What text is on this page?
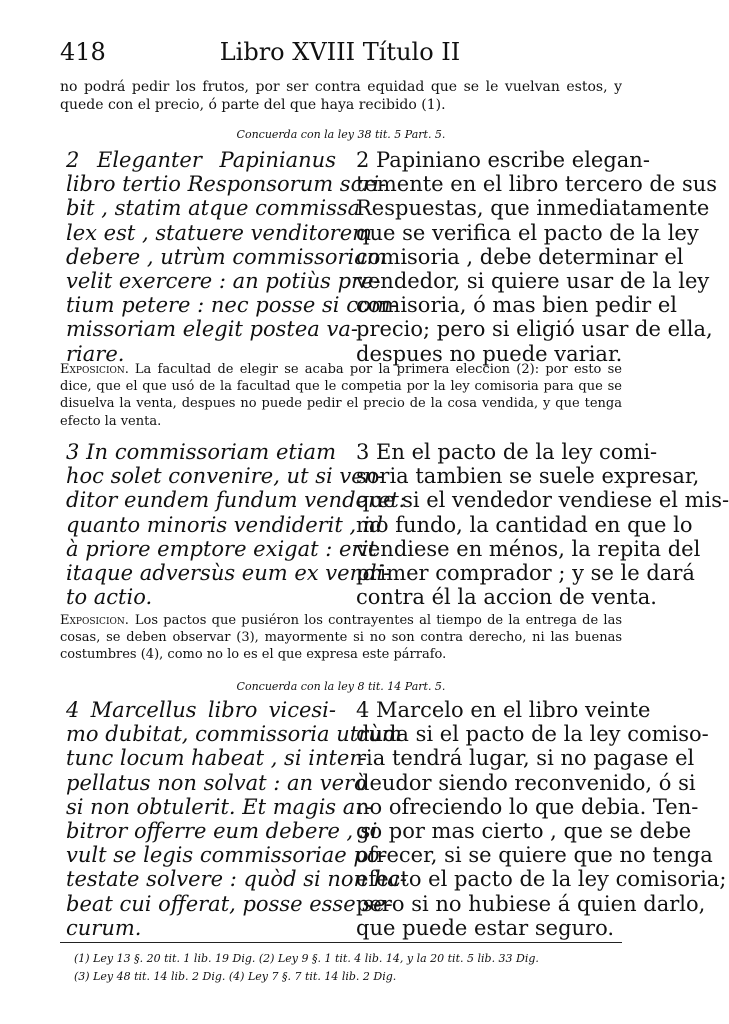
418	Libro XVIII Título II
no podrá pedir los frutos, por ser contra equidad que se le vuelvan estos, y quede con el precio, ó parte del que haya recibido (1).
Concuerda con la ley 38 tit. 5 Part. 5.
2 Eleganter Papinianus
libro tertio Responsorum scri-
bit , statim atque commissa
lex est , statuere venditorem
debere , utrùm commissoriam
velit exercere : an potiùs pre-
tium petere : nec posse si com-
missoriam elegit postea va-
riare.
2 Papiniano escribe elegan-
temente en el libro tercero de sus
Respuestas, que inmediatamente
que se verifica el pacto de la ley
comisoria , debe determinar el
vendedor, si quiere usar de la ley
comisoria, ó mas bien pedir el
precio; pero si eligió usar de ella,
despues no puede variar.
Exposicion. La facultad de elegir se acaba por la primera eleccion (2): por esto se dice, que el que usó de la facultad que le competia por la ley comisoria para que se disuelva la venta, despues no puede pedir el precio de la cosa vendida, y que tenga efecto la venta.
3 In commissoriam etiam
hoc solet convenire, ut si ven-
ditor eundem fundum venderet:
quanto minoris vendiderit , id
à priore emptore exigat : erit
itaque adversùs eum ex vendi-
to actio.
3 En el pacto de la ley comi-
soria tambien se suele expresar,
que si el vendedor vendiese el mis-
mo fundo, la cantidad en que lo
vendiese en ménos, la repita del
primer comprador ; y se le dará
contra él la accion de venta.
Exposicion. Los pactos que pusiéron los contrayentes al tiempo de la entrega de las cosas, se deben observar (3), mayormente si no son contra derecho, ni las buenas costumbres (4), como no lo es el que expresa este párrafo.
Concuerda con la ley 8 tit. 14 Part. 5.
4 Marcellus libro vicesi-
mo dubitat, commissoria utrùm
tunc locum habeat , si inter-
pellatus non solvat : an verò
si non obtulerit. Et magis ar-
bitror offerre eum debere , si
vult se legis commissoriae po-
testate solvere : quòd si non ha-
beat cui offerat, posse esse se-
curum.
4 Marcelo en el libro veinte
duda si el pacto de la ley comiso-
ria tendrá lugar, si no pagase el
deudor siendo reconvenido, ó si
no ofreciendo lo que debia. Ten-
go por mas cierto , que se debe
ofrecer, si se quiere que no tenga
efecto el pacto de la ley comisoria;
pero si no hubiese á quien darlo,
que puede estar seguro.
(1) Ley 13 §. 20 tit. 1 lib. 19 Dig. (2) Ley 9 §. 1 tit. 4 lib. 14, y la 20 tit. 5 lib. 33 Dig.
(3) Ley 48 tit. 14 lib. 2 Dig. (4) Ley 7 §. 7 tit. 14 lib. 2 Dig.
